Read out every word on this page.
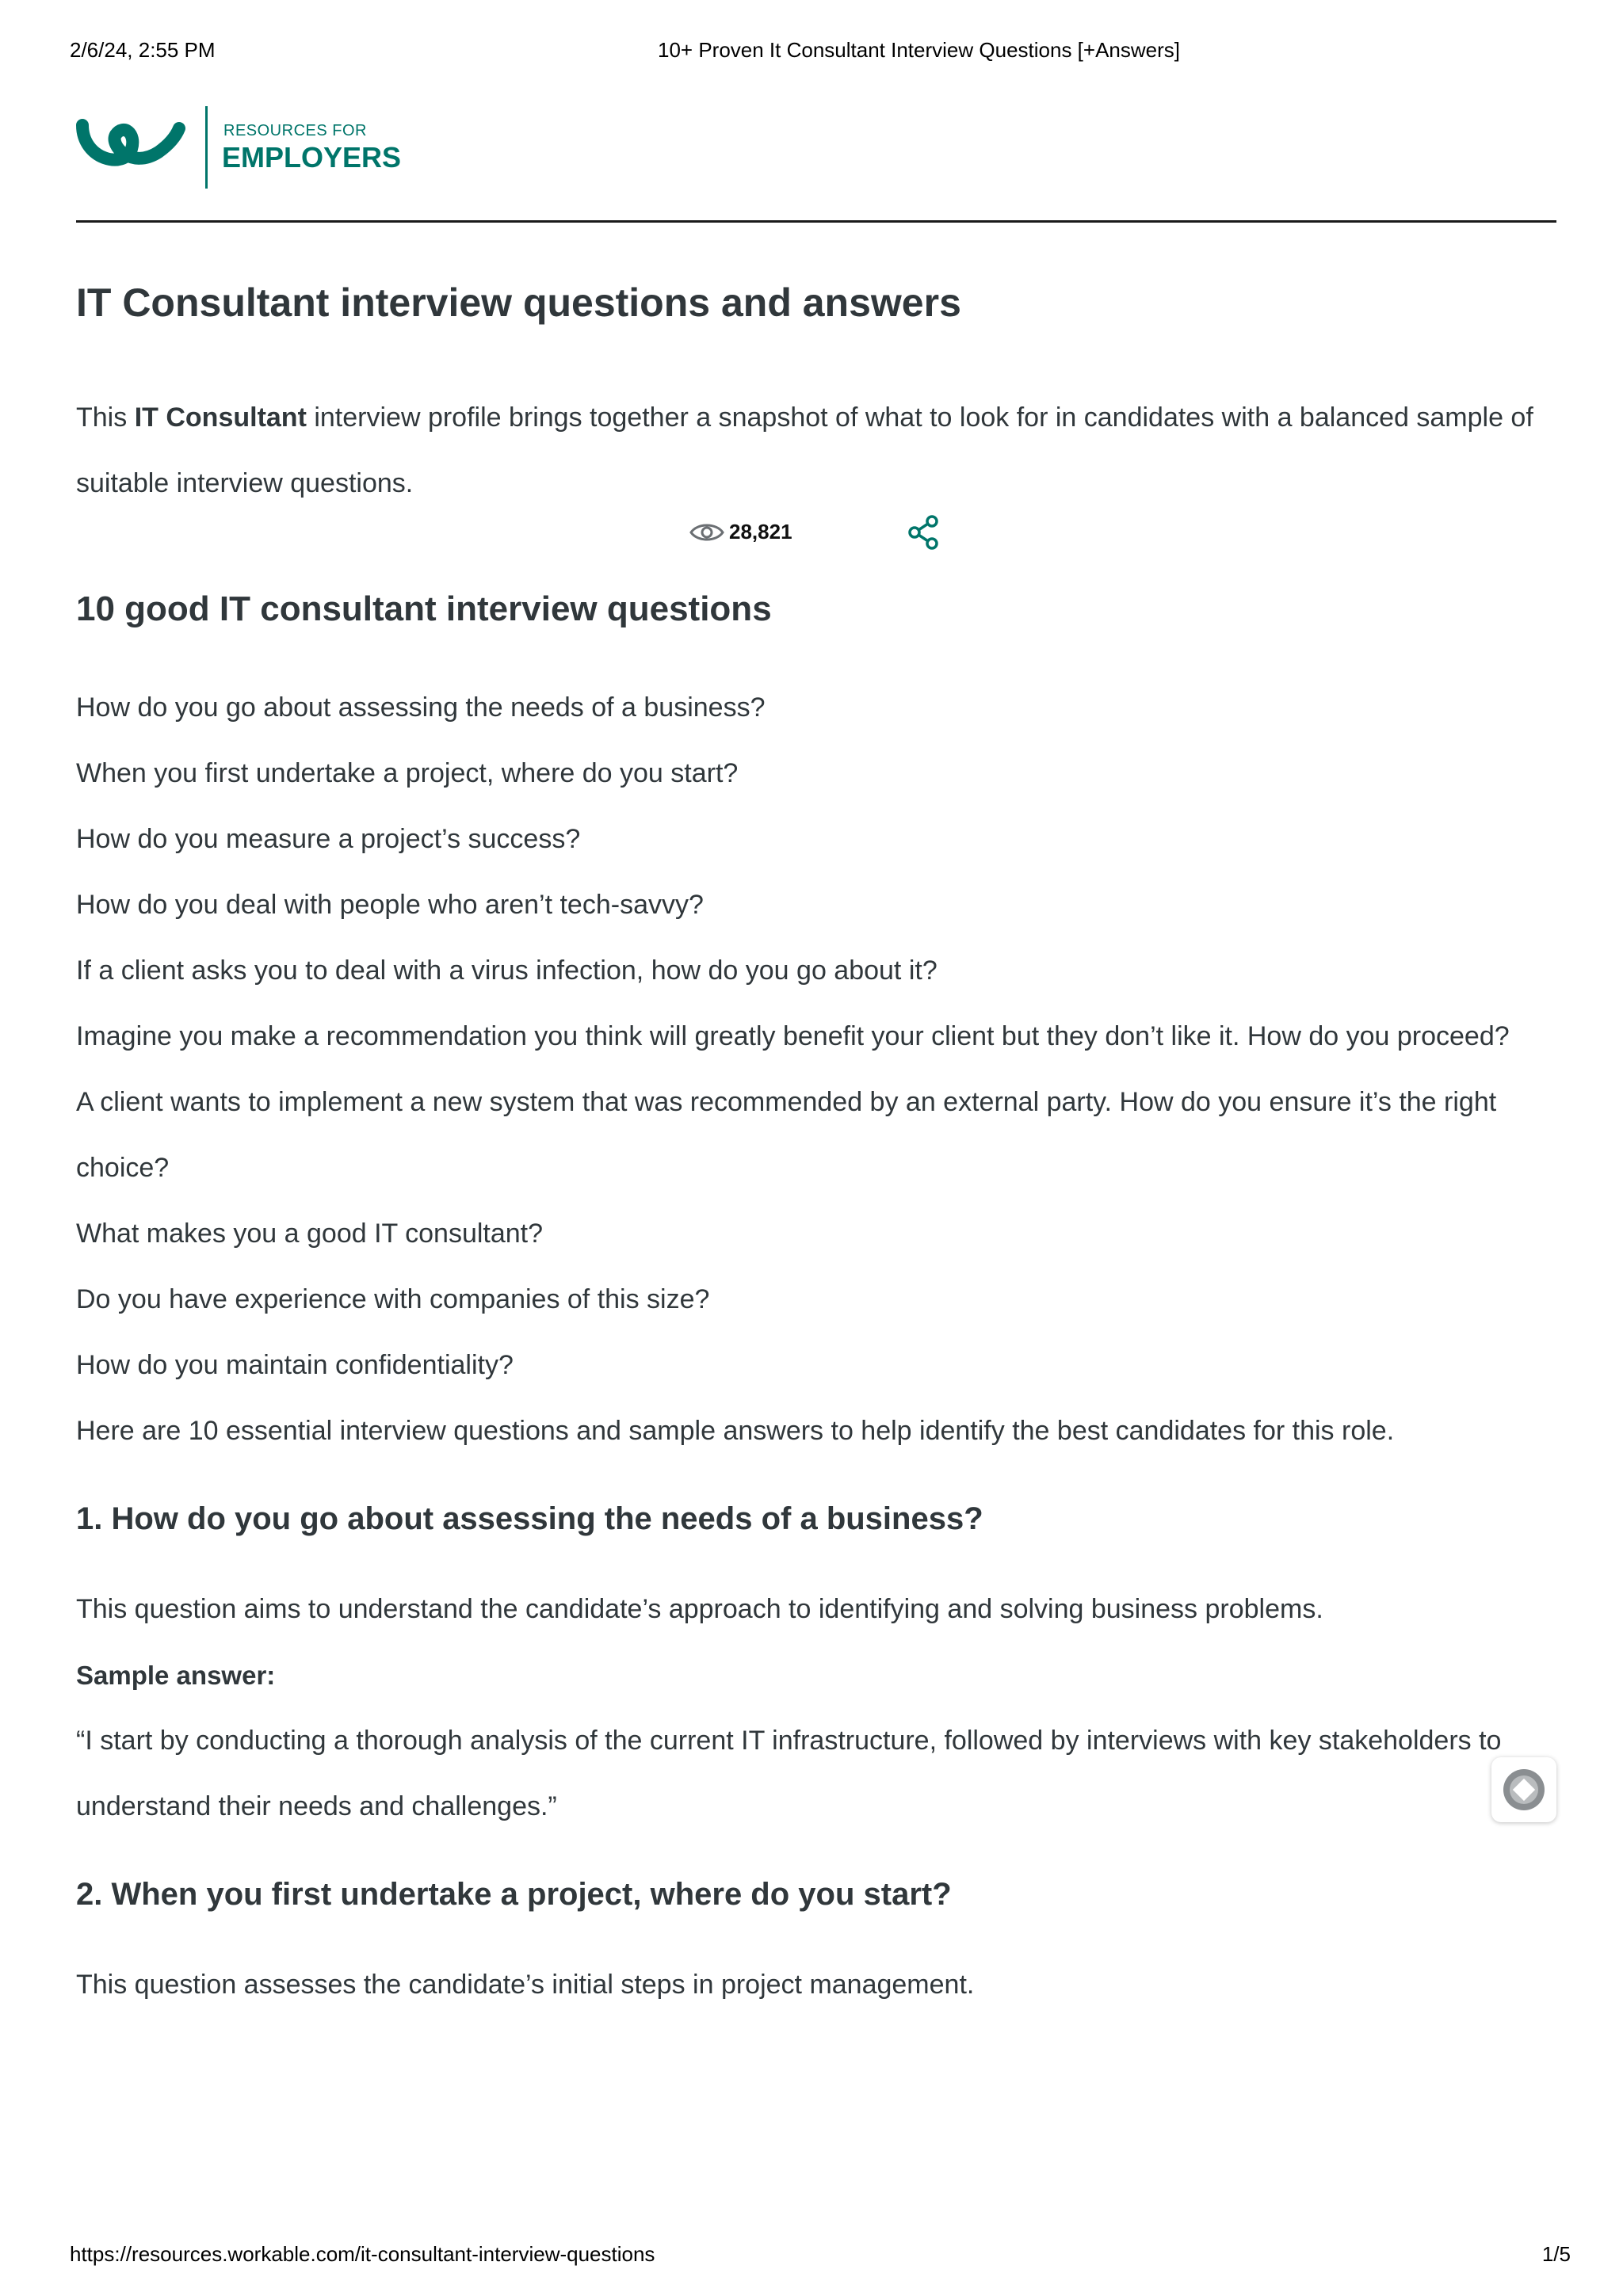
2/6/24, 2:55 PM	10+ Proven It Consultant Interview Questions [+Answers]
RESOURCES FOR
EMPLOYERS
IT Consultant interview questions and answers

This IT Consultant interview profile brings together a snapshot of what to look for in candidates with a balanced sample of suitable interview questions.

28,821
10 good IT consultant interview questions

How do you go about assessing the needs of a business?

When you first undertake a project, where do you start?

How do you measure a project’s success?

How do you deal with people who aren’t tech-savvy?

If a client asks you to deal with a virus infection, how do you go about it?

Imagine you make a recommendation you think will greatly benefit your client but they don’t like it. How do you proceed?

A client wants to implement a new system that was recommended by an external party. How do you ensure it’s the right choice?

What makes you a good IT consultant?

Do you have experience with companies of this size?

How do you maintain confidentiality?

Here are 10 essential interview questions and sample answers to help identify the best candidates for this role.

1. How do you go about assessing the needs of a business?

This question aims to understand the candidate’s approach to identifying and solving business problems.

Sample answer:

“I start by conducting a thorough analysis of the current IT infrastructure, followed by interviews with key stakeholders to understand their needs and challenges.”

2. When you first undertake a project, where do you start?

This question assesses the candidate’s initial steps in project management.

https://resources.workable.com/it-consultant-interview-questions	1/5
